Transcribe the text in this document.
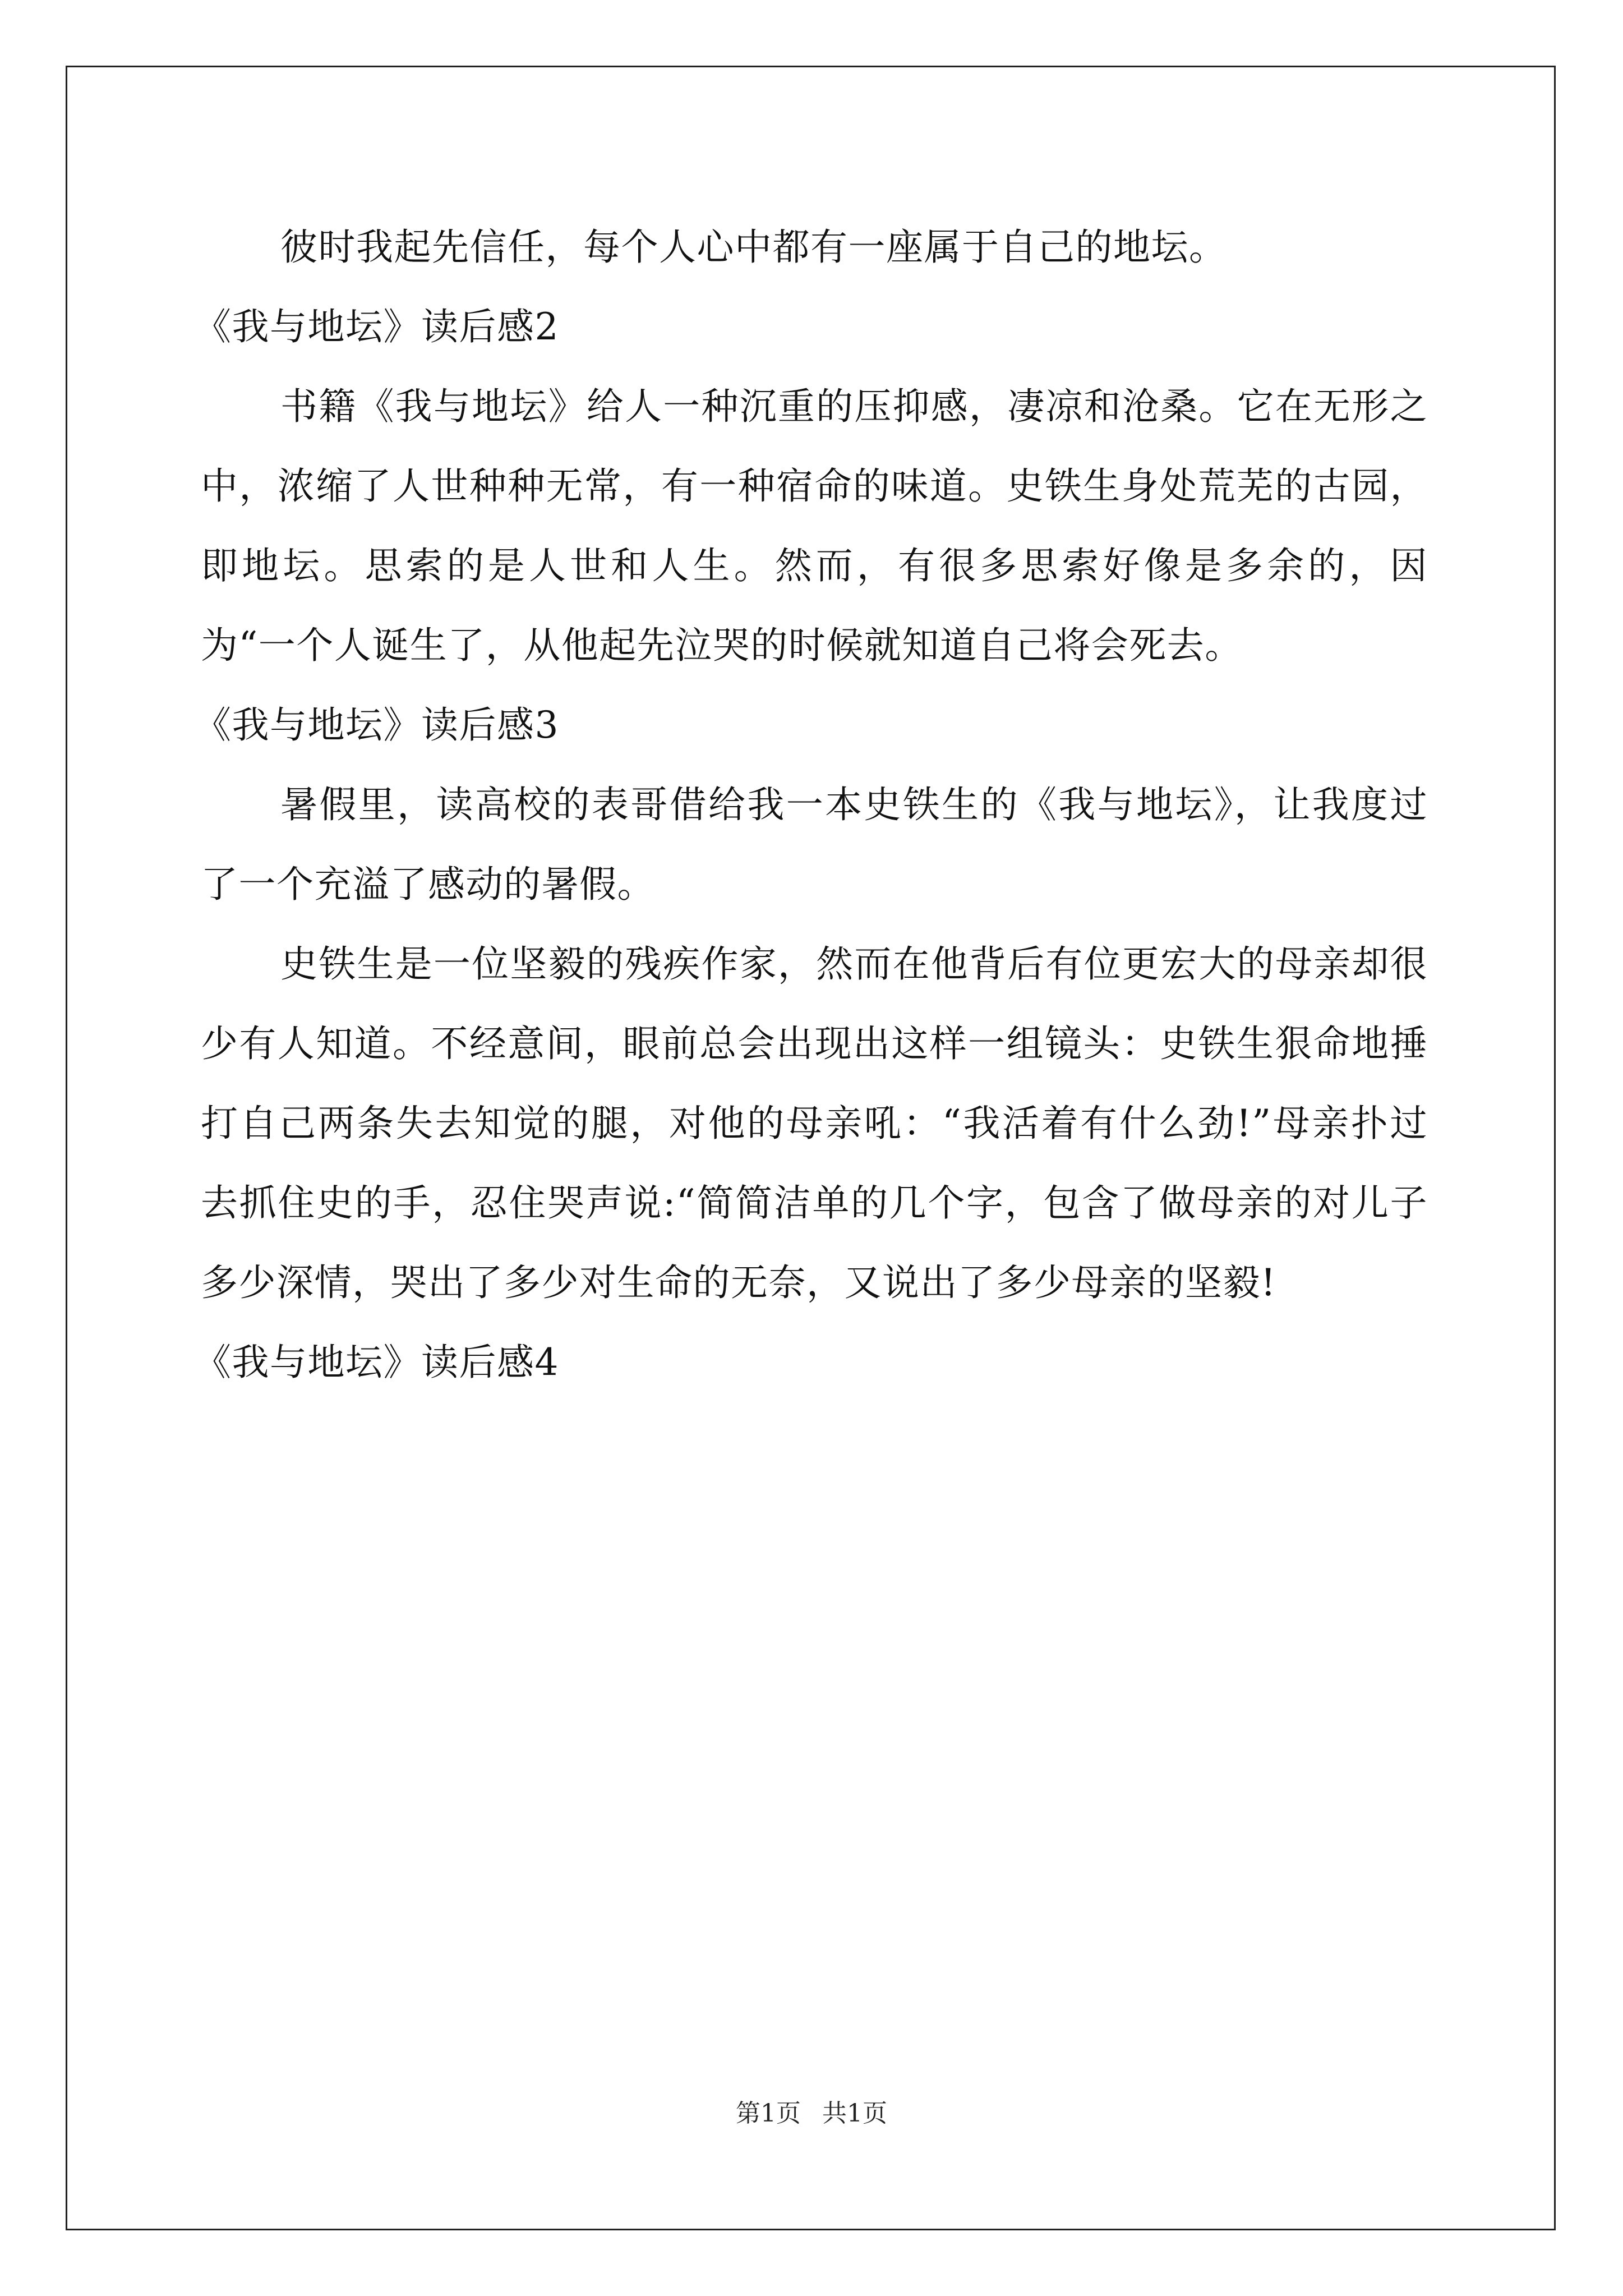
彼时我起先信任，每个人心中都有一座属于自己的地坛。

《我与地坛》读后感2

书籍《我与地坛》给人一种沉重的压抑感，凄凉和沧桑。它在无形之中，浓缩了人世种种无常，有一种宿命的味道。史铁生身处荒芜的古园，即地坛。思索的是人世和人生。然而，有很多思索好像是多余的，因为“一个人诞生了，从他起先泣哭的时候就知道自己将会死去。

《我与地坛》读后感3

暑假里，读高校的表哥借给我一本史铁生的《我与地坛》，让我度过了一个充溢了感动的暑假。

史铁生是一位坚毅的残疾作家，然而在他背后有位更宏大的母亲却很少有人知道。不经意间，眼前总会出现出这样一组镜头：史铁生狠命地捶打自己两条失去知觉的腿，对他的母亲吼：“我活着有什么劲!”母亲扑过去抓住史的手，忍住哭声说:“简简洁单的几个字，包含了做母亲的对儿子多少深情，哭出了多少对生命的无奈，又说出了多少母亲的坚毅!

《我与地坛》读后感4

第1页 共1页
